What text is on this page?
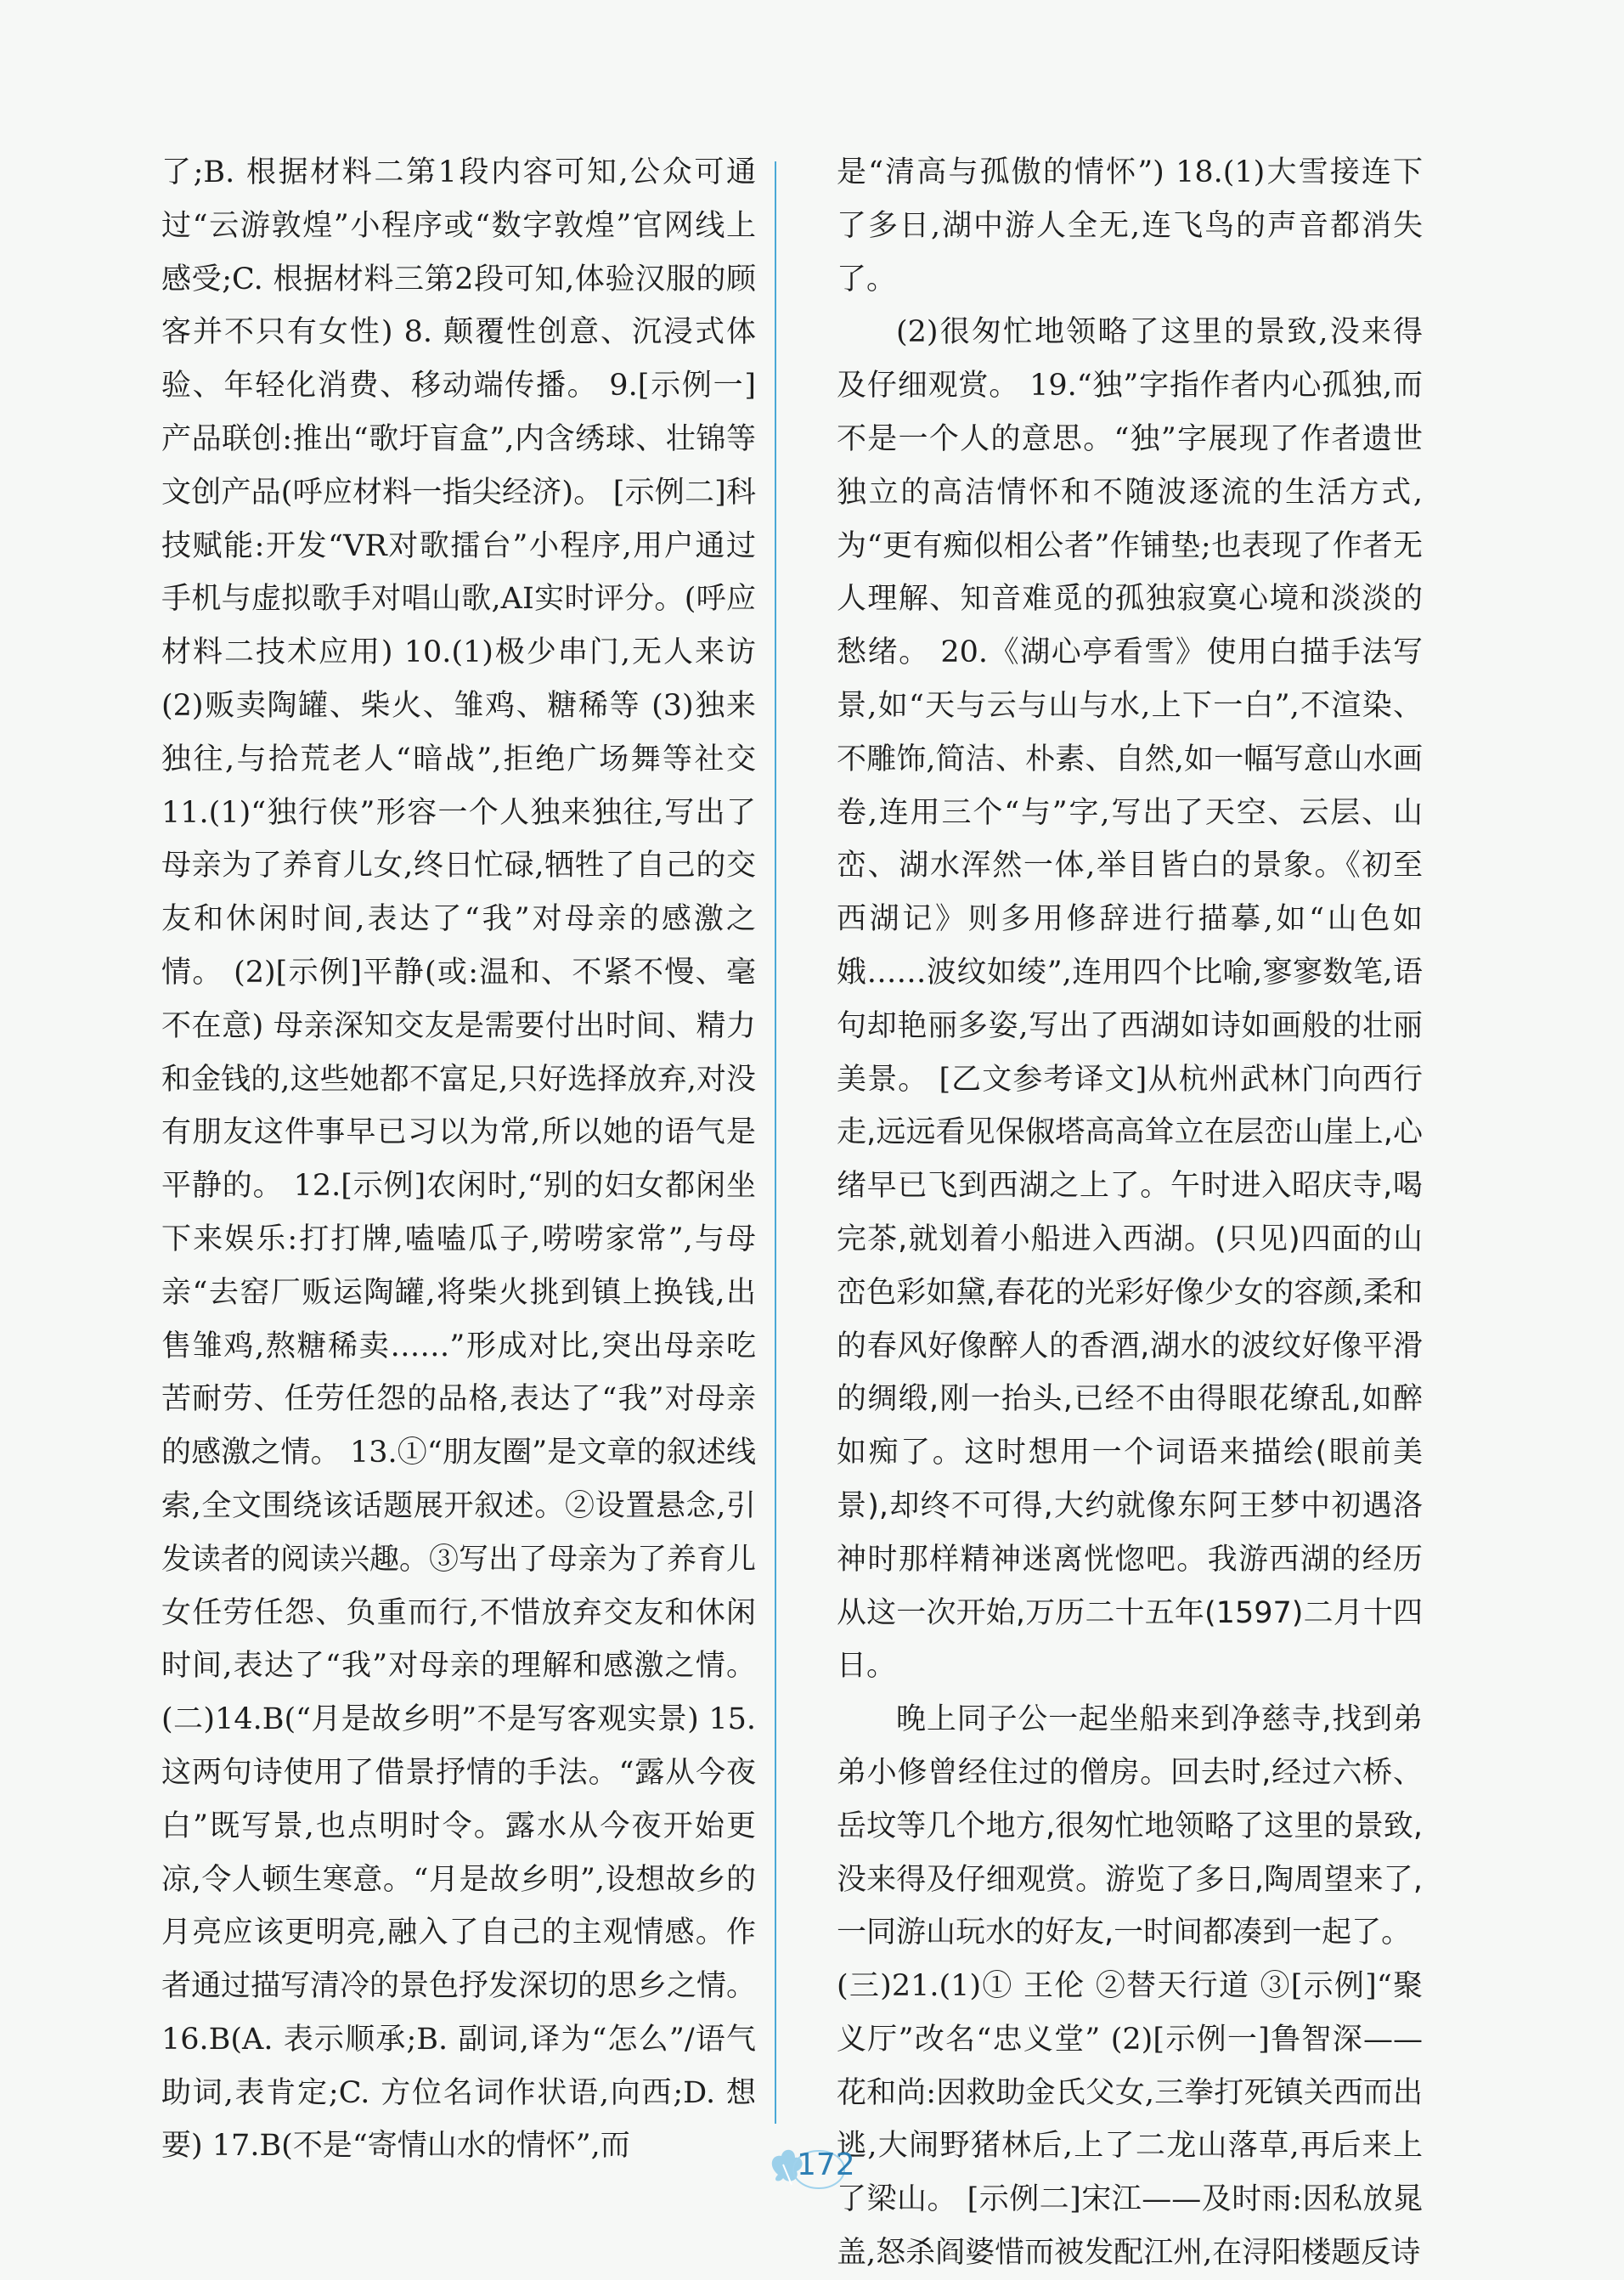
了;B. 根据材料二第1段内容可知,公众可通过“云游敦煌”小程序或“数字敦煌”官网线上感受;C. 根据材料三第2段可知,体验汉服的顾客并不只有女性) 8. 颠覆性创意、沉浸式体验、年轻化消费、移动端传播。 9.[示例一]产品联创:推出“歌圩盲盒”,内含绣球、壮锦等文创产品(呼应材料一指尖经济)。 [示例二]科技赋能:开发“VR对歌擂台”小程序,用户通过手机与虚拟歌手对唱山歌,AI实时评分。(呼应材料二技术应用) 10.(1)极少串门,无人来访 (2)贩卖陶罐、柴火、雏鸡、糖稀等 (3)独来独往,与拾荒老人“暗战”,拒绝广场舞等社交 11.(1)“独行侠”形容一个人独来独往,写出了母亲为了养育儿女,终日忙碌,牺牲了自己的交友和休闲时间,表达了“我”对母亲的感激之情。 (2)[示例]平静(或:温和、不紧不慢、毫不在意) 母亲深知交友是需要付出时间、精力和金钱的,这些她都不富足,只好选择放弃,对没有朋友这件事早已习以为常,所以她的语气是平静的。 12.[示例]农闲时,“别的妇女都闲坐下来娱乐:打打牌,嗑嗑瓜子,唠唠家常”,与母亲“去窑厂贩运陶罐,将柴火挑到镇上换钱,出售雏鸡,熬糖稀卖……”形成对比,突出母亲吃苦耐劳、任劳任怨的品格,表达了“我”对母亲的感激之情。 13.①“朋友圈”是文章的叙述线索,全文围绕该话题展开叙述。②设置悬念,引发读者的阅读兴趣。③写出了母亲为了养育儿女任劳任怨、负重而行,不惜放弃交友和休闲时间,表达了“我”对母亲的理解和感激之情。 (二)14.B(“月是故乡明”不是写客观实景) 15. 这两句诗使用了借景抒情的手法。“露从今夜白”既写景,也点明时令。露水从今夜开始更凉,令人顿生寒意。“月是故乡明”,设想故乡的月亮应该更明亮,融入了自己的主观情感。作者通过描写清冷的景色抒发深切的思乡之情。 16.B(A. 表示顺承;B. 副词,译为“怎么”/语气助词,表肯定;C. 方位名词作状语,向西;D. 想要) 17.B(不是“寄情山水的情怀”,而

是“清高与孤傲的情怀”) 18.(1)大雪接连下了多日,湖中游人全无,连飞鸟的声音都消失了。

(2)很匆忙地领略了这里的景致,没来得及仔细观赏。 19.“独”字指作者内心孤独,而不是一个人的意思。“独”字展现了作者遗世独立的高洁情怀和不随波逐流的生活方式,为“更有痴似相公者”作铺垫;也表现了作者无人理解、知音难觅的孤独寂寞心境和淡淡的愁绪。 20.《湖心亭看雪》使用白描手法写景,如“天与云与山与水,上下一白”,不渲染、不雕饰,简洁、朴素、自然,如一幅写意山水画卷,连用三个“与”字,写出了天空、云层、山峦、湖水浑然一体,举目皆白的景象。《初至西湖记》则多用修辞进行描摹,如“山色如娥……波纹如绫”,连用四个比喻,寥寥数笔,语句却艳丽多姿,写出了西湖如诗如画般的壮丽美景。 [乙文参考译文]从杭州武林门向西行走,远远看见保俶塔高高耸立在层峦山崖上,心绪早已飞到西湖之上了。午时进入昭庆寺,喝完茶,就划着小船进入西湖。(只见)四面的山峦色彩如黛,春花的光彩好像少女的容颜,柔和的春风好像醉人的香酒,湖水的波纹好像平滑的绸缎,刚一抬头,已经不由得眼花缭乱,如醉如痴了。这时想用一个词语来描绘(眼前美景),却终不可得,大约就像东阿王梦中初遇洛神时那样精神迷离恍惚吧。我游西湖的经历从这一次开始,万历二十五年(1597)二月十四日。

晚上同子公一起坐船来到净慈寺,找到弟弟小修曾经住过的僧房。回去时,经过六桥、岳坟等几个地方,很匆忙地领略了这里的景致,没来得及仔细观赏。游览了多日,陶周望来了,一同游山玩水的好友,一时间都凑到一起了。

(三)21.(1)① 王伦 ②替天行道 ③[示例]“聚义厅”改名“忠义堂” (2)[示例一]鲁智深——花和尚:因救助金氏父女,三拳打死镇关西而出逃,大闹野猪林后,上了二龙山落草,再后来上了梁山。 [示例二]宋江——及时雨:因私放晁盖,怒杀阎婆惜而被发配江州,在浔阳楼题反诗

172
